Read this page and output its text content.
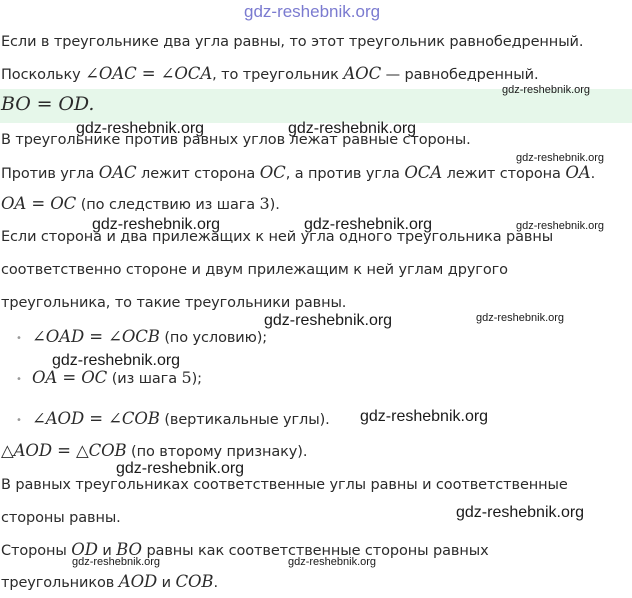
gdz-reshebnik.org
gdz-reshebnik.org
gdz-reshebnik.org	gdz-reshebnik.org
gdz-reshebnik.org
gdz-reshebnik.org	gdz-reshebnik.org	gdz-reshebnik.org
gdz-reshebnik.org	gdz-reshebnik.org
gdz-reshebnik.org
gdz-reshebnik.org
gdz-reshebnik.org
gdz-reshebnik.org
gdz-reshebnik.org	gdz-reshebnik.org
Если в треугольнике два угла равны, то этот треугольник равнобедренный.
Поскольку ∠OAC = ∠OCA, то треугольник AOC — равнобедренный.
BO = OD.
В треугольнике против равных углов лежат равные стороны.
Против угла OAC лежит сторона OC, а против угла OCA лежит сторона OA.
OA = OC (по следствию из шага 3).
Если сторона и два прилежащих к ней угла одного треугольника равны
соответственно стороне и двум прилежащим к ней углам другого
треугольника, то такие треугольники равны.
• ∠OAD = ∠OCB (по условию);
• OA = OC (из шага 5);
• ∠AOD = ∠COB (вертикальные углы).
△AOD = △COB (по второму признаку).
В равных треугольниках соответственные углы равны и соответственные
стороны равны.
Стороны OD и BO равны как соответственные стороны равных
треугольников AOD и COB.
